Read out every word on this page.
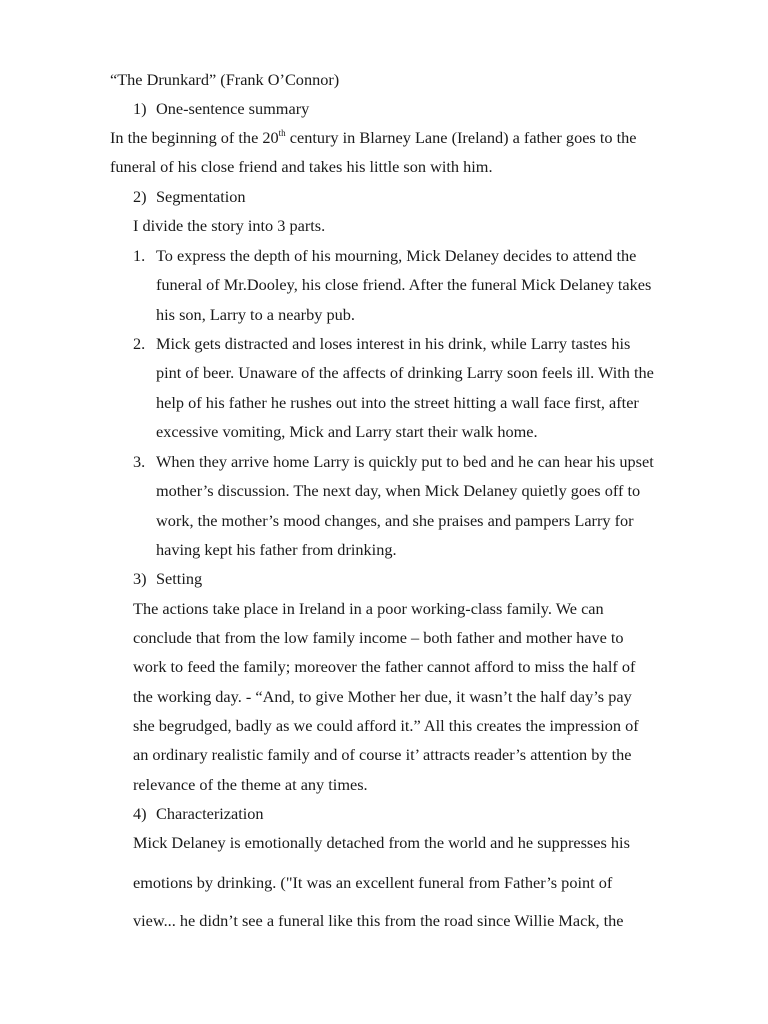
“The Drunkard” (Frank O’Connor)
1) One-sentence summary
In the beginning of the 20th century in Blarney Lane (Ireland) a father goes to the
funeral of his close friend and takes his little son with him.
2) Segmentation
I divide the story into 3 parts.
1. To express the depth of his mourning, Mick Delaney decides to attend the
funeral of Mr.Dooley, his close friend. After the funeral Mick Delaney takes
his son, Larry to a nearby pub.
2. Mick gets distracted and loses interest in his drink, while Larry tastes his
pint of beer. Unaware of the affects of drinking Larry soon feels ill. With the
help of his father he rushes out into the street hitting a wall face first, after
excessive vomiting, Mick and Larry start their walk home.
3. When they arrive home Larry is quickly put to bed and he can hear his upset
mother’s discussion. The next day, when Mick Delaney quietly goes off to
work, the mother’s mood changes, and she praises and pampers Larry for
having kept his father from drinking.
3) Setting
The actions take place in Ireland in a poor working-class family. We can
conclude that from the low family income – both father and mother have to
work to feed the family; moreover the father cannot afford to miss the half of
the working day. - “And, to give Mother her due, it wasn’t the half day’s pay
she begrudged, badly as we could afford it.” All this creates the impression of
an ordinary realistic family and of course it’ attracts reader’s attention by the
relevance of the theme at any times.
4) Characterization
Mick Delaney is emotionally detached from the world and he suppresses his
emotions by drinking. ("It was an excellent funeral from Father’s point of
view... he didn’t see a funeral like this from the road since Willie Mack, the
